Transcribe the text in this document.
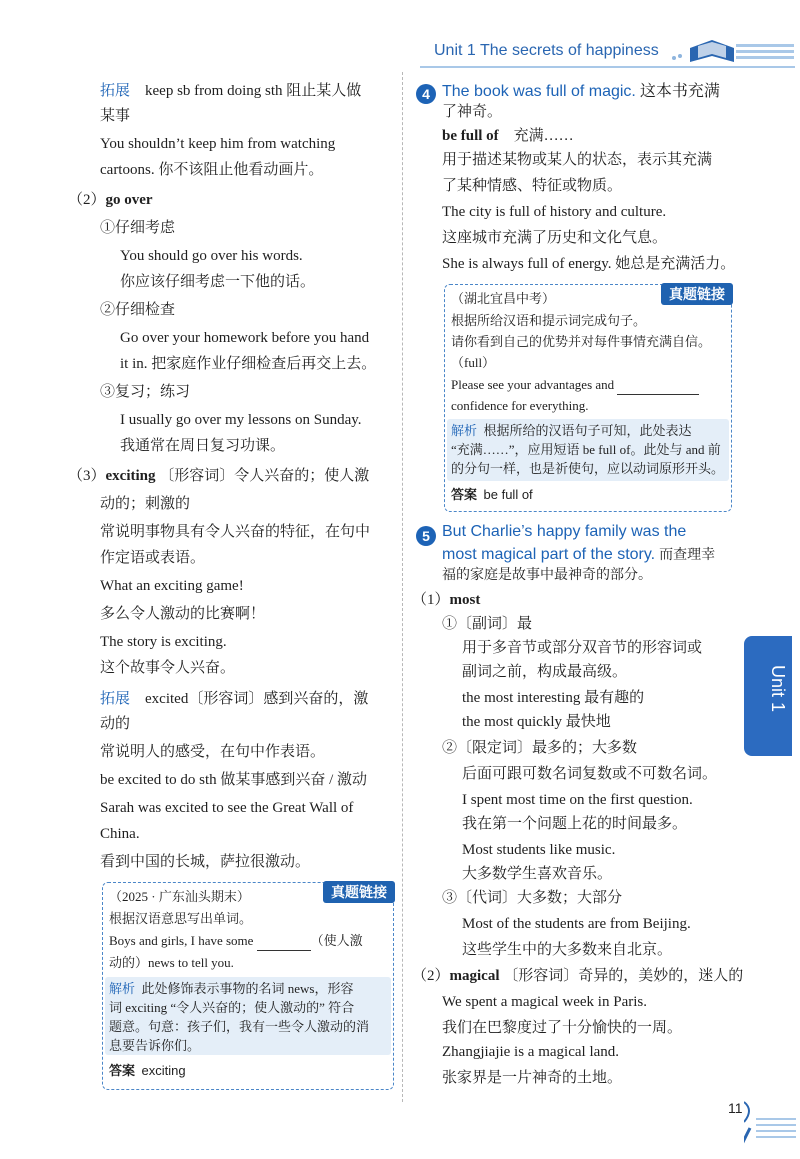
Unit 1 The secrets of happiness
拓展 keep sb from doing sth 阻止某人做
某事
You shouldn’t keep him from watching
cartoons. 你不该阻止他看动画片。
（2）go over
①仔细考虑
You should go over his words.
你应该仔细考虑一下他的话。
②仔细检查
Go over your homework before you hand
it in. 把家庭作业仔细检查后再交上去。
③复习；练习
I usually go over my lessons on Sunday.
我通常在周日复习功课。
（3）exciting 〔形容词〕令人兴奋的；使人激
动的；刺激的
常说明事物具有令人兴奋的特征，在句中
作定语或表语。
What an exciting game!
多么令人激动的比赛啊！
The story is exciting.
这个故事令人兴奋。
拓展 excited〔形容词〕感到兴奋的，激
动的
常说明人的感受，在句中作表语。
be excited to do sth 做某事感到兴奋 / 激动
Sarah was excited to see the Great Wall of
China.
看到中国的长城，萨拉很激动。
真题链接
（2025 · 广东汕头期末）
根据汉语意思写出单词。
Boys and girls, I have some	（使人激
动的）news to tell you.
解析 此处修饰表示事物的名词 news，形容
词 exciting “令人兴奋的；使人激动的” 符合
题意。句意：孩子们，我有一些令人激动的消
息要告诉你们。
答案 exciting
4 The book was full of magic. 这本书充满
了神奇。
be full of 充满……
用于描述某物或某人的状态，表示其充满
了某种情感、特征或物质。
The city is full of history and culture.
这座城市充满了历史和文化气息。
She is always full of energy. 她总是充满活力。
真题链接
（湖北宜昌中考）
根据所给汉语和提示词完成句子。
请你看到自己的优势并对每件事情充满自信。
（full）
Please see your advantages and
confidence for everything.
解析 根据所给的汉语句子可知，此处表达
“充满……”，应用短语 be full of。此处与 and 前
的分句一样，也是祈使句，应以动词原形开头。
答案 be full of
5 But Charlie’s happy family was the
most magical part of the story. 而查理幸
福的家庭是故事中最神奇的部分。
（1）most
①〔副词〕最
用于多音节或部分双音节的形容词或
副词之前，构成最高级。
the most interesting 最有趣的
the most quickly 最快地
②〔限定词〕最多的；大多数
后面可跟可数名词复数或不可数名词。
I spent most time on the first question.
我在第一个问题上花的时间最多。
Most students like music.
大多数学生喜欢音乐。
③〔代词〕大多数；大部分
Most of the students are from Beijing.
这些学生中的大多数来自北京。
（2）magical 〔形容词〕奇异的，美妙的，迷人的
We spent a magical week in Paris.
我们在巴黎度过了十分愉快的一周。
Zhangjiajie is a magical land.
张家界是一片神奇的土地。
Unit 1
11
